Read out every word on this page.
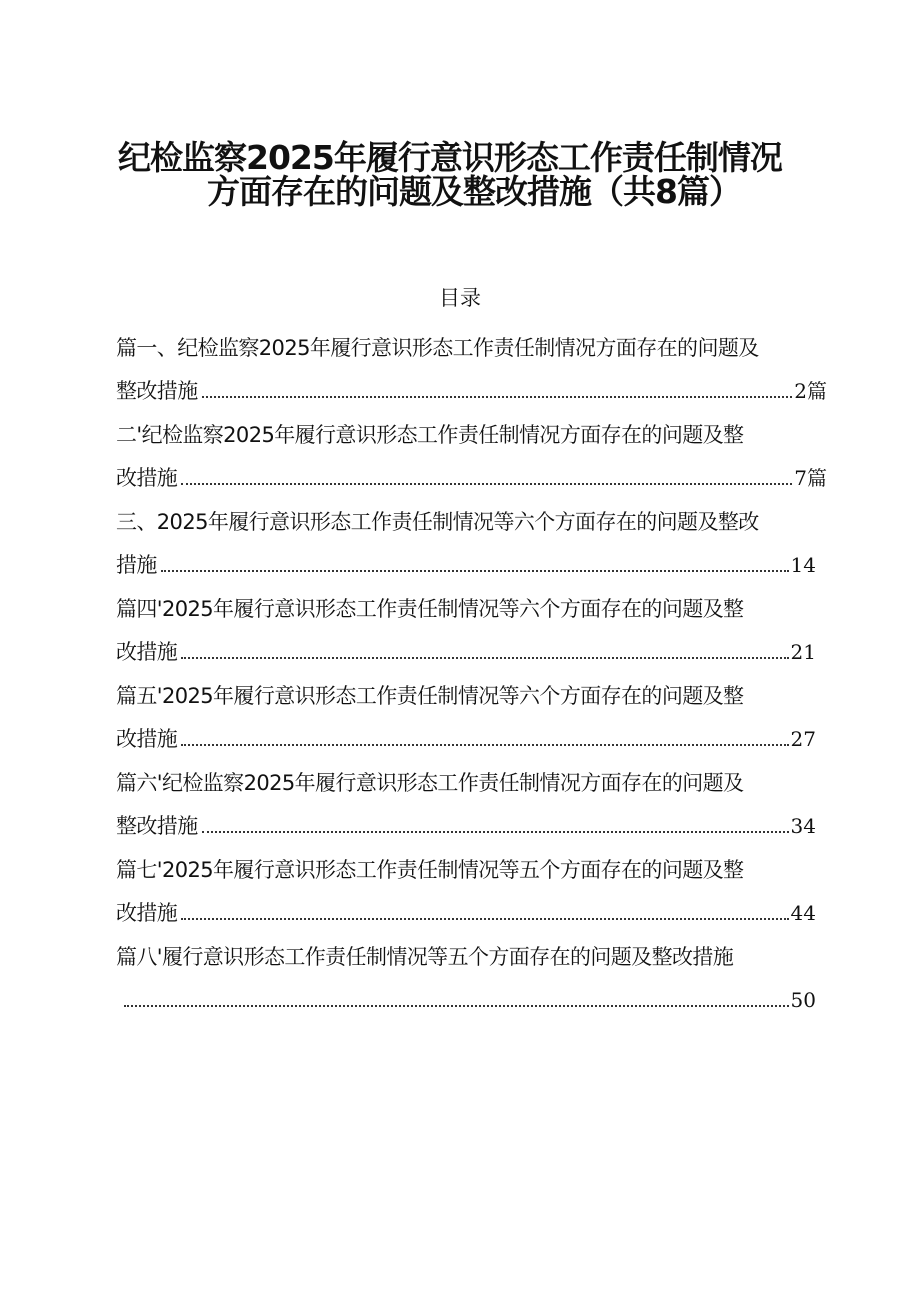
纪检监察2025年履行意识形态工作责任制情况
方面存在的问题及整改措施（共8篇）
目录
篇一、纪检监察2025年履行意识形态工作责任制情况方面存在的问题及
整改措施	2篇
二'纪检监察2025年履行意识形态工作责任制情况方面存在的问题及整
改措施	7篇
三、2025年履行意识形态工作责任制情况等六个方面存在的问题及整改
措施	14
篇四'2025年履行意识形态工作责任制情况等六个方面存在的问题及整
改措施	21
篇五'2025年履行意识形态工作责任制情况等六个方面存在的问题及整
改措施	27
篇六'纪检监察2025年履行意识形态工作责任制情况方面存在的问题及
整改措施	34
篇七'2025年履行意识形态工作责任制情况等五个方面存在的问题及整
改措施	44
篇八'履行意识形态工作责任制情况等五个方面存在的问题及整改措施
50
